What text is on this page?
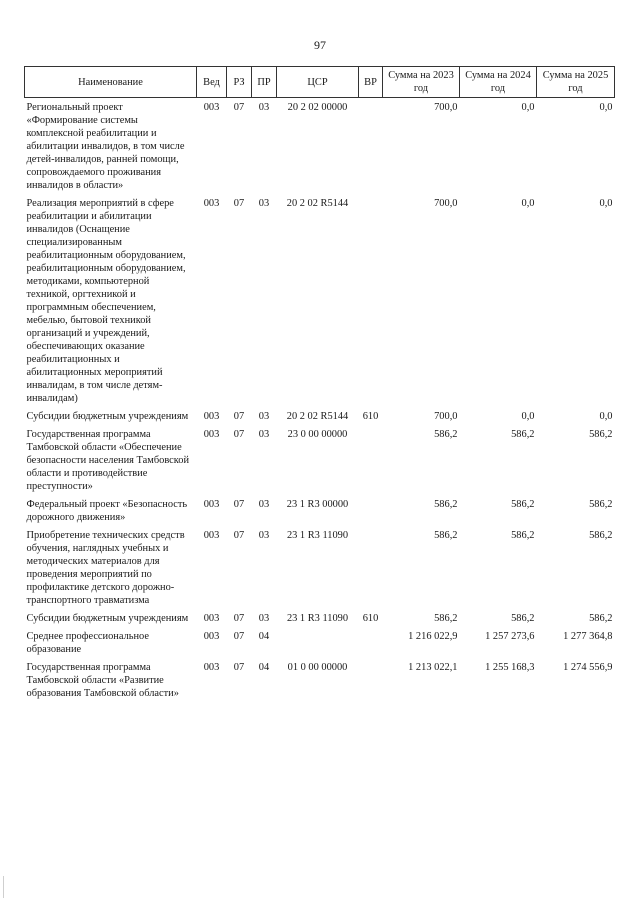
97
Наименование	Вед	РЗ	ПР	ЦСР	ВР	Сумма на 2023 год	Сумма на 2024 год	Сумма на 2025 год
Региональный проект «Формирование системы комплексной реабилитации и абилитации инвалидов, в том числе детей-инвалидов, ранней помощи, сопровождаемого проживания инвалидов в области»	003	07	03	20 2 02 00000		700,0	0,0	0,0
Реализация мероприятий в сфере реабилитации и абилитации инвалидов (Оснащение специализированным реабилитационным оборудованием, реабилитационным оборудованием, методиками, компьютерной техникой, оргтехникой и программным обеспечением, мебелью, бытовой техникой организаций и учреждений, обеспечивающих оказание реабилитационных и абилитационных мероприятий инвалидам, в том числе детям-инвалидам)	003	07	03	20 2 02 R5144		700,0	0,0	0,0
Субсидии бюджетным учреждениям	003	07	03	20 2 02 R5144	610	700,0	0,0	0,0
Государственная программа Тамбовской области «Обеспечение безопасности населения Тамбовской области и противодействие преступности»	003	07	03	23 0 00 00000		586,2	586,2	586,2
Федеральный проект «Безопасность дорожного движения»	003	07	03	23 1 R3 00000		586,2	586,2	586,2
Приобретение технических средств обучения, наглядных учебных и методических материалов для проведения мероприятий по профилактике детского дорожно-транспортного травматизма	003	07	03	23 1 R3 11090		586,2	586,2	586,2
Субсидии бюджетным учреждениям	003	07	03	23 1 R3 11090	610	586,2	586,2	586,2
Среднее профессиональное образование	003	07	04			1 216 022,9	1 257 273,6	1 277 364,8
Государственная программа Тамбовской области «Развитие образования Тамбовской области»	003	07	04	01 0 00 00000		1 213 022,1	1 255 168,3	1 274 556,9
